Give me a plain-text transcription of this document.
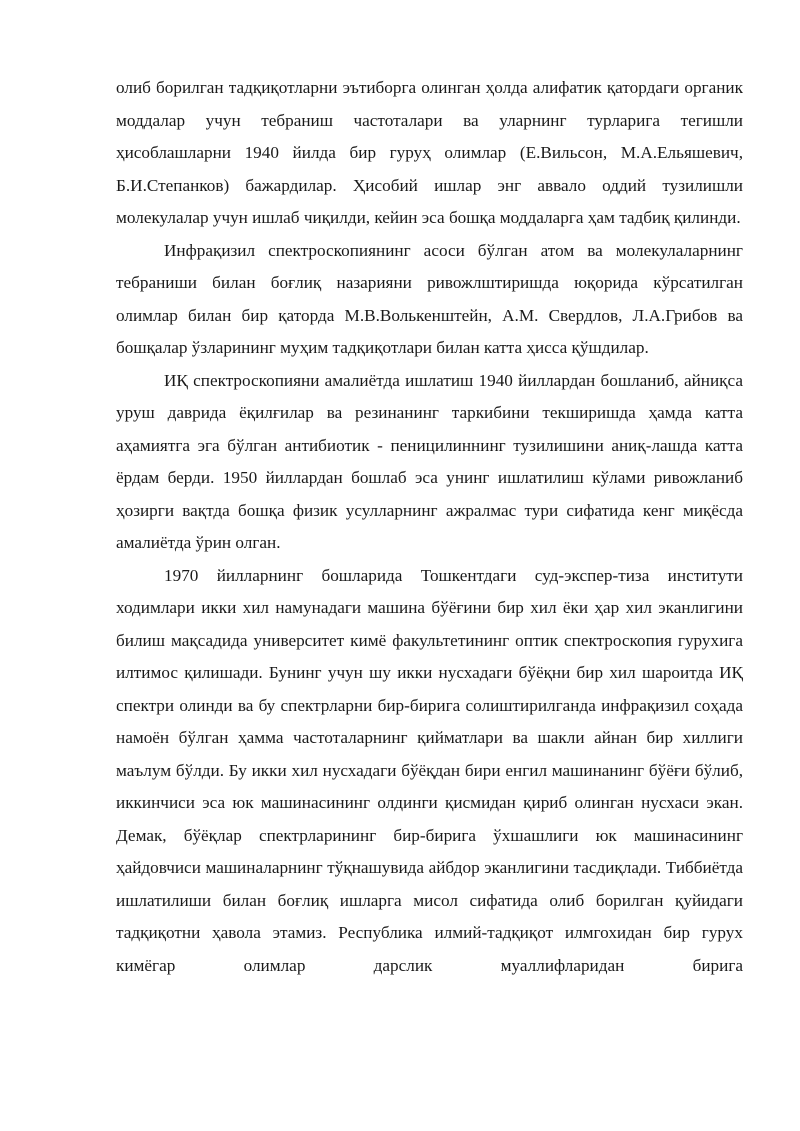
олиб борилган тадқиқотларни эътиборга олинган ҳолда алифатик қатордаги органик моддалар учун тебраниш частоталари ва уларнинг турларига тегишли ҳисоблашларни 1940 йилда бир гуруҳ олимлар (Е.Вильсон, М.А.Ельяшевич, Б.И.Степанков) бажардилар. Ҳисобий ишлар энг аввало оддий тузилишли молекулалар учун ишлаб чиқилди, кейин эса бошқа моддаларга ҳам тадбиқ қилинди.

Инфрақизил спектроскопиянинг асоси бўлган атом ва молекулаларнинг тебраниши билан боғлиқ назарияни ривожлштиришда юқорида кўрсатилган олимлар билан бир қаторда М.В.Волькенштейн, А.М. Свердлов, Л.А.Грибов ва бошқалар ўзларининг муҳим тадқиқотлари билан катта ҳисса қўшдилар.

ИҚ спектроскопияни амалиётда ишлатиш 1940 йиллардан бошланиб, айниқса уруш даврида ёқилғилар ва резинанинг таркибини текширишда ҳамда катта аҳамиятга эга бўлган антибиотик - пеницилиннинг тузилишини аниқ-лашда катта ёрдам берди. 1950 йиллардан бошлаб эса унинг ишлатилиш кўлами ривожланиб ҳозирги вақтда бошқа физик усулларнинг ажралмас тури сифатида кенг миқёсда амалиётда ўрин олган.

1970 йилларнинг бошларида Тошкентдаги суд-экспер-тиза институти ходимлари икки хил намунадаги машина бўёғини бир хил ёки ҳар хил эканлигини билиш мақсадида университет кимё факультетининг оптик спектроскопия гурухига илтимос қилишади. Бунинг учун шу икки нусхадаги бўёқни бир хил шароитда ИҚ спектри олинди ва бу спектрларни бир-бирига солиштирилганда инфрақизил соҳада намоён бўлган ҳамма частоталарнинг қийматлари ва шакли айнан бир хиллиги маълум бўлди. Бу икки хил нусхадаги бўёқдан бири енгил машинанинг бўёғи бўлиб, иккинчиси эса юк машинасининг олдинги қисмидан қириб олинган нусхаси экан. Демак, бўёқлар спектрларининг бир-бирига ўхшашлиги юк машинасининг ҳайдовчиси машиналарнинг тўқнашувида айбдор эканлигини тасдиқлади. Тиббиётда ишлатилиши билан боғлиқ ишларга мисол сифатида олиб борилган қуйидаги тадқиқотни ҳавола этамиз. Республика илмий-тадқиқот илмгохидан бир гурух кимёгар олимлар дарслик муаллифларидан бирига
